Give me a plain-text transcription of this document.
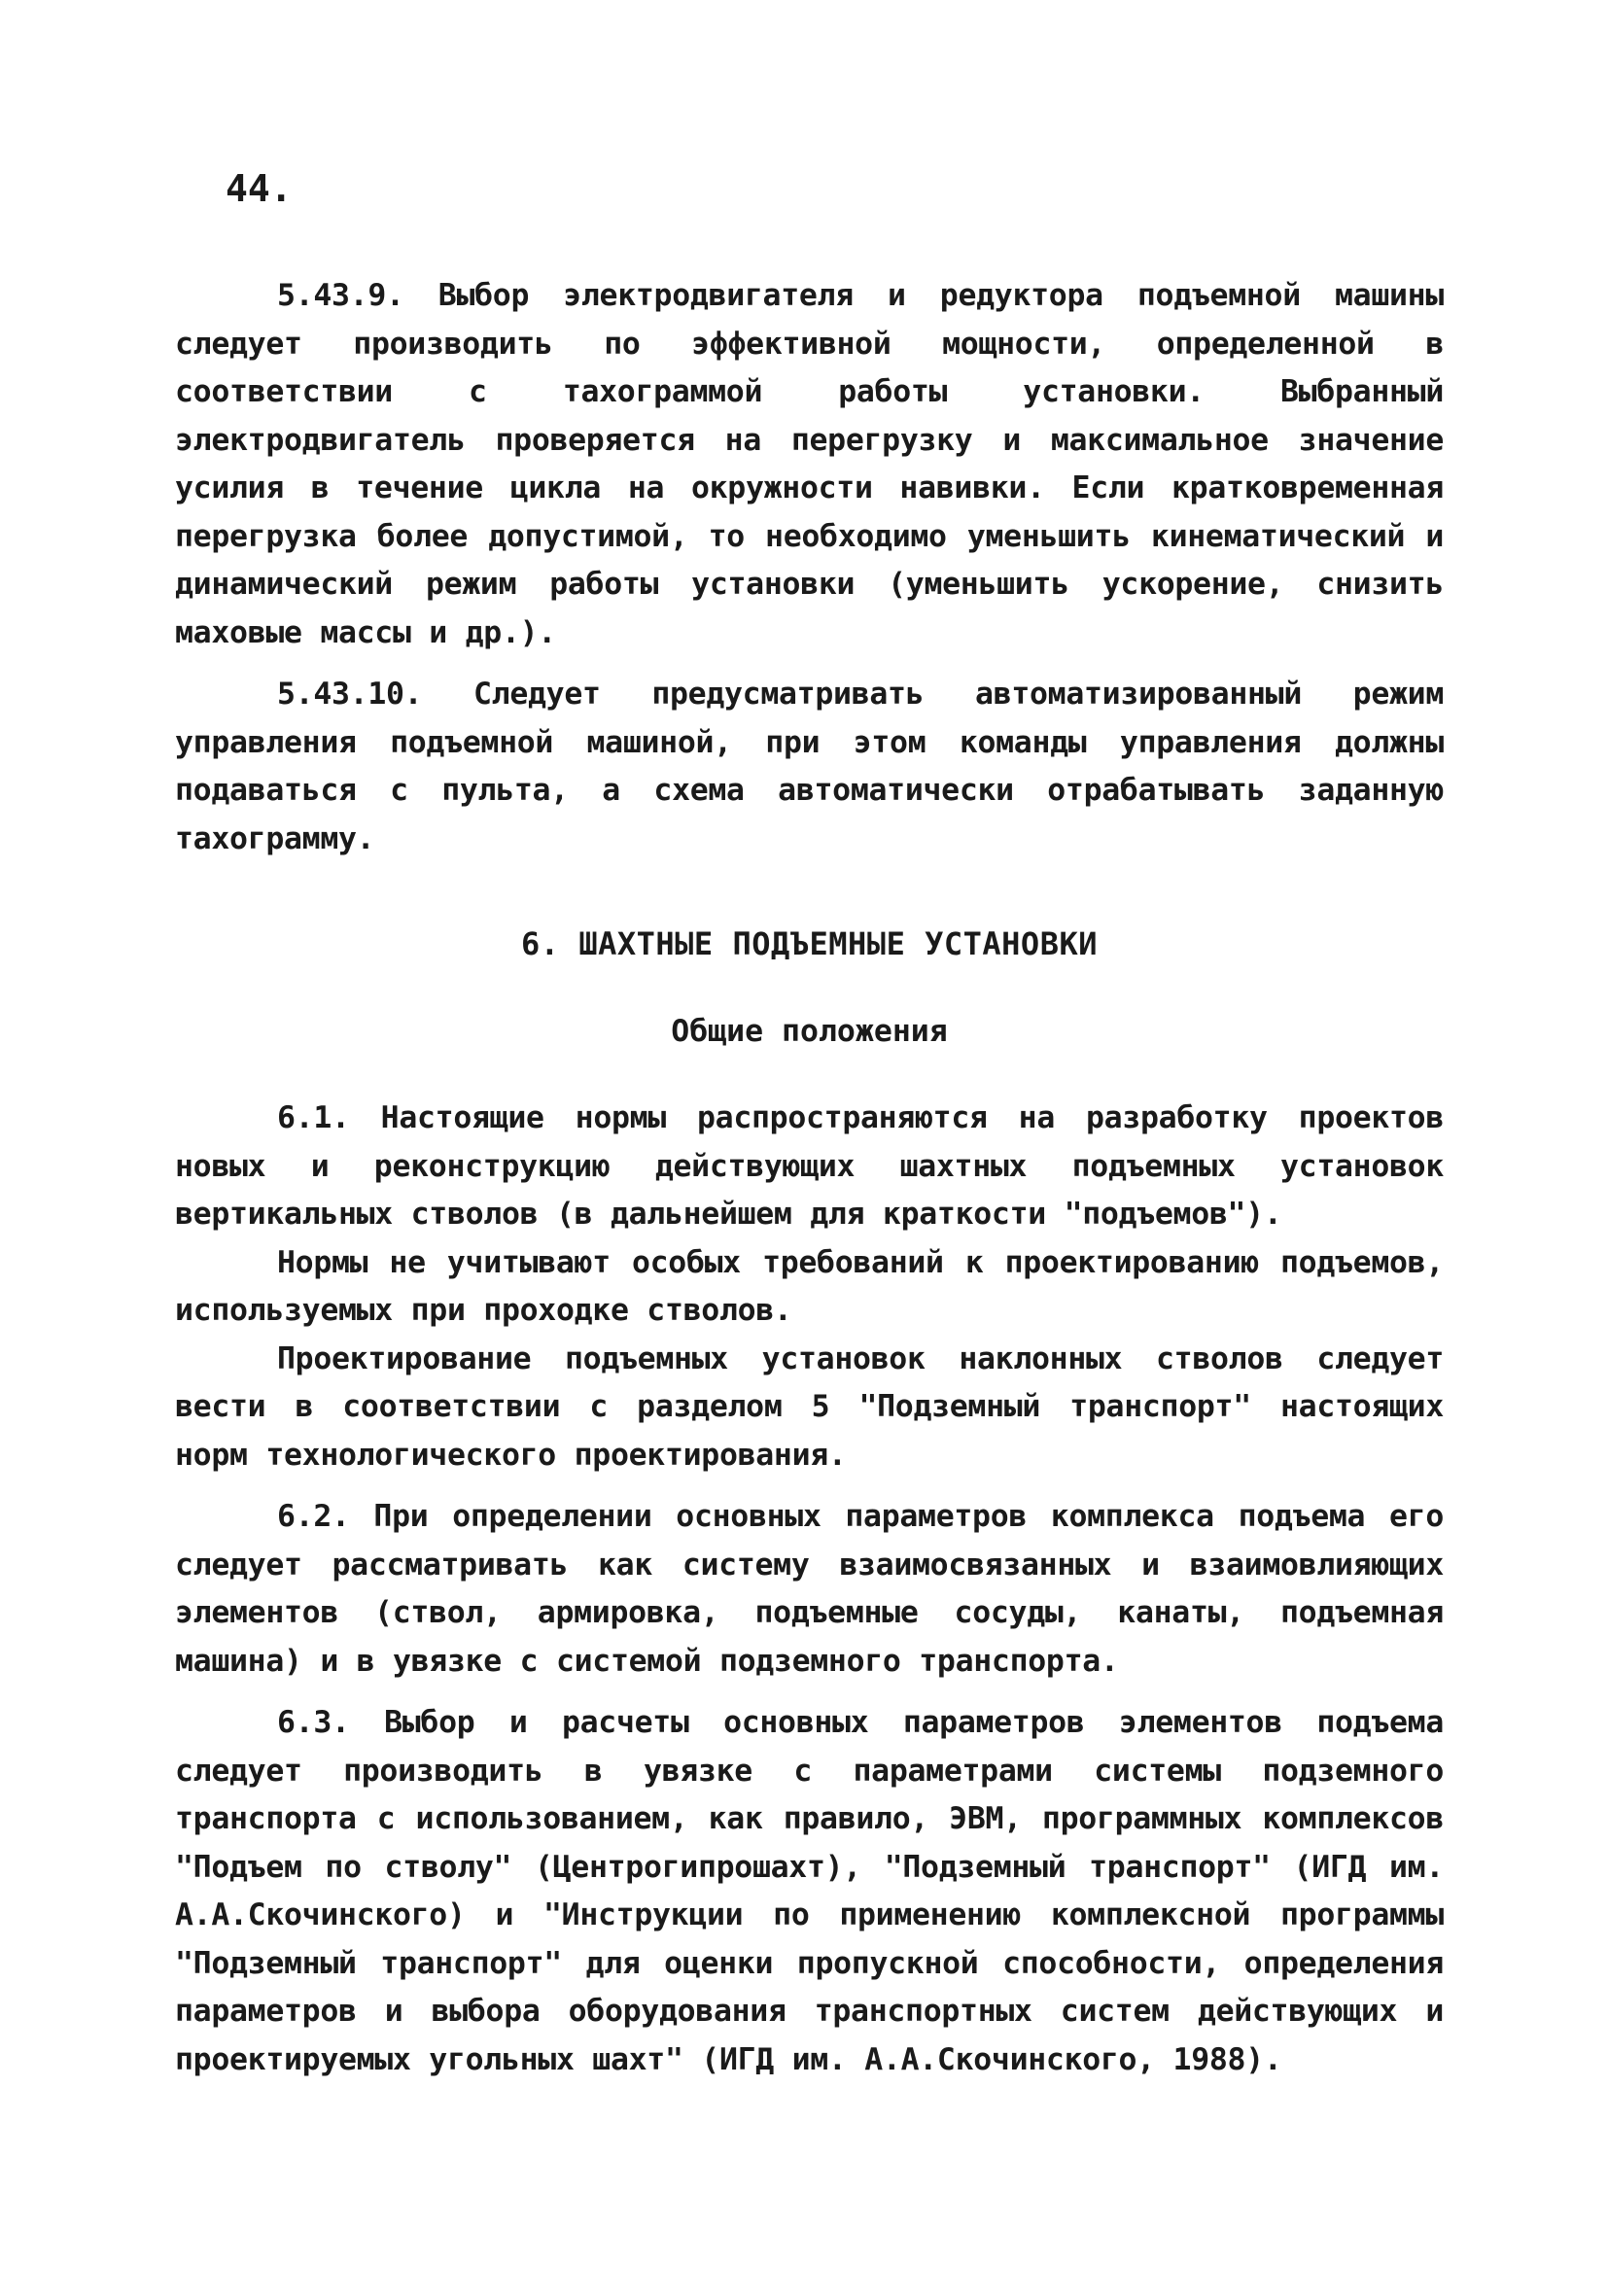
44.

5.43.9. Выбор электродвигателя и редуктора подъемной машины следует производить по эффективной мощности, определенной в соответствии с тахограммой работы установки. Выбранный электродвигатель проверяется на перегрузку и максимальное значение усилия в течение цикла на окружности навивки. Если кратковременная перегрузка более допустимой, то необходимо уменьшить кинематический и динамический режим работы установки (уменьшить ускорение, снизить маховые массы и др.).

5.43.10. Следует предусматривать автоматизированный режим управления подъемной машиной, при этом команды управления должны подаваться с пульта, а схема автоматически отрабатывать заданную тахограмму.

6. ШАХТНЫЕ ПОДЪЕМНЫЕ УСТАНОВКИ
Общие положения

6.1. Настоящие нормы распространяются на разработку проектов новых и реконструкцию действующих шахтных подъемных установок вертикальных стволов (в дальнейшем для краткости "подъемов").

Нормы не учитывают особых требований к проектированию подъемов, используемых при проходке стволов.

Проектирование подъемных установок наклонных стволов следует вести в соответствии с разделом 5 "Подземный транспорт" настоящих норм технологического проектирования.

6.2. При определении основных параметров комплекса подъема его следует рассматривать как систему взаимосвязанных и взаимовлияющих элементов (ствол, армировка, подъемные сосуды, канаты, подъемная машина) и в увязке с системой подземного транспорта.

6.3. Выбор и расчеты основных параметров элементов подъема следует производить в увязке с параметрами системы подземного транспорта с использованием, как правило, ЭВМ, программных комплексов "Подъем по стволу" (Центрогипрошахт), "Подземный транспорт" (ИГД им. А.А.Скочинского) и "Инструкции по применению комплексной программы "Подземный транспорт" для оценки пропускной способности, определения параметров и выбора оборудования транспортных систем действующих и проектируемых угольных шахт" (ИГД им. А.А.Скочинского, 1988).
